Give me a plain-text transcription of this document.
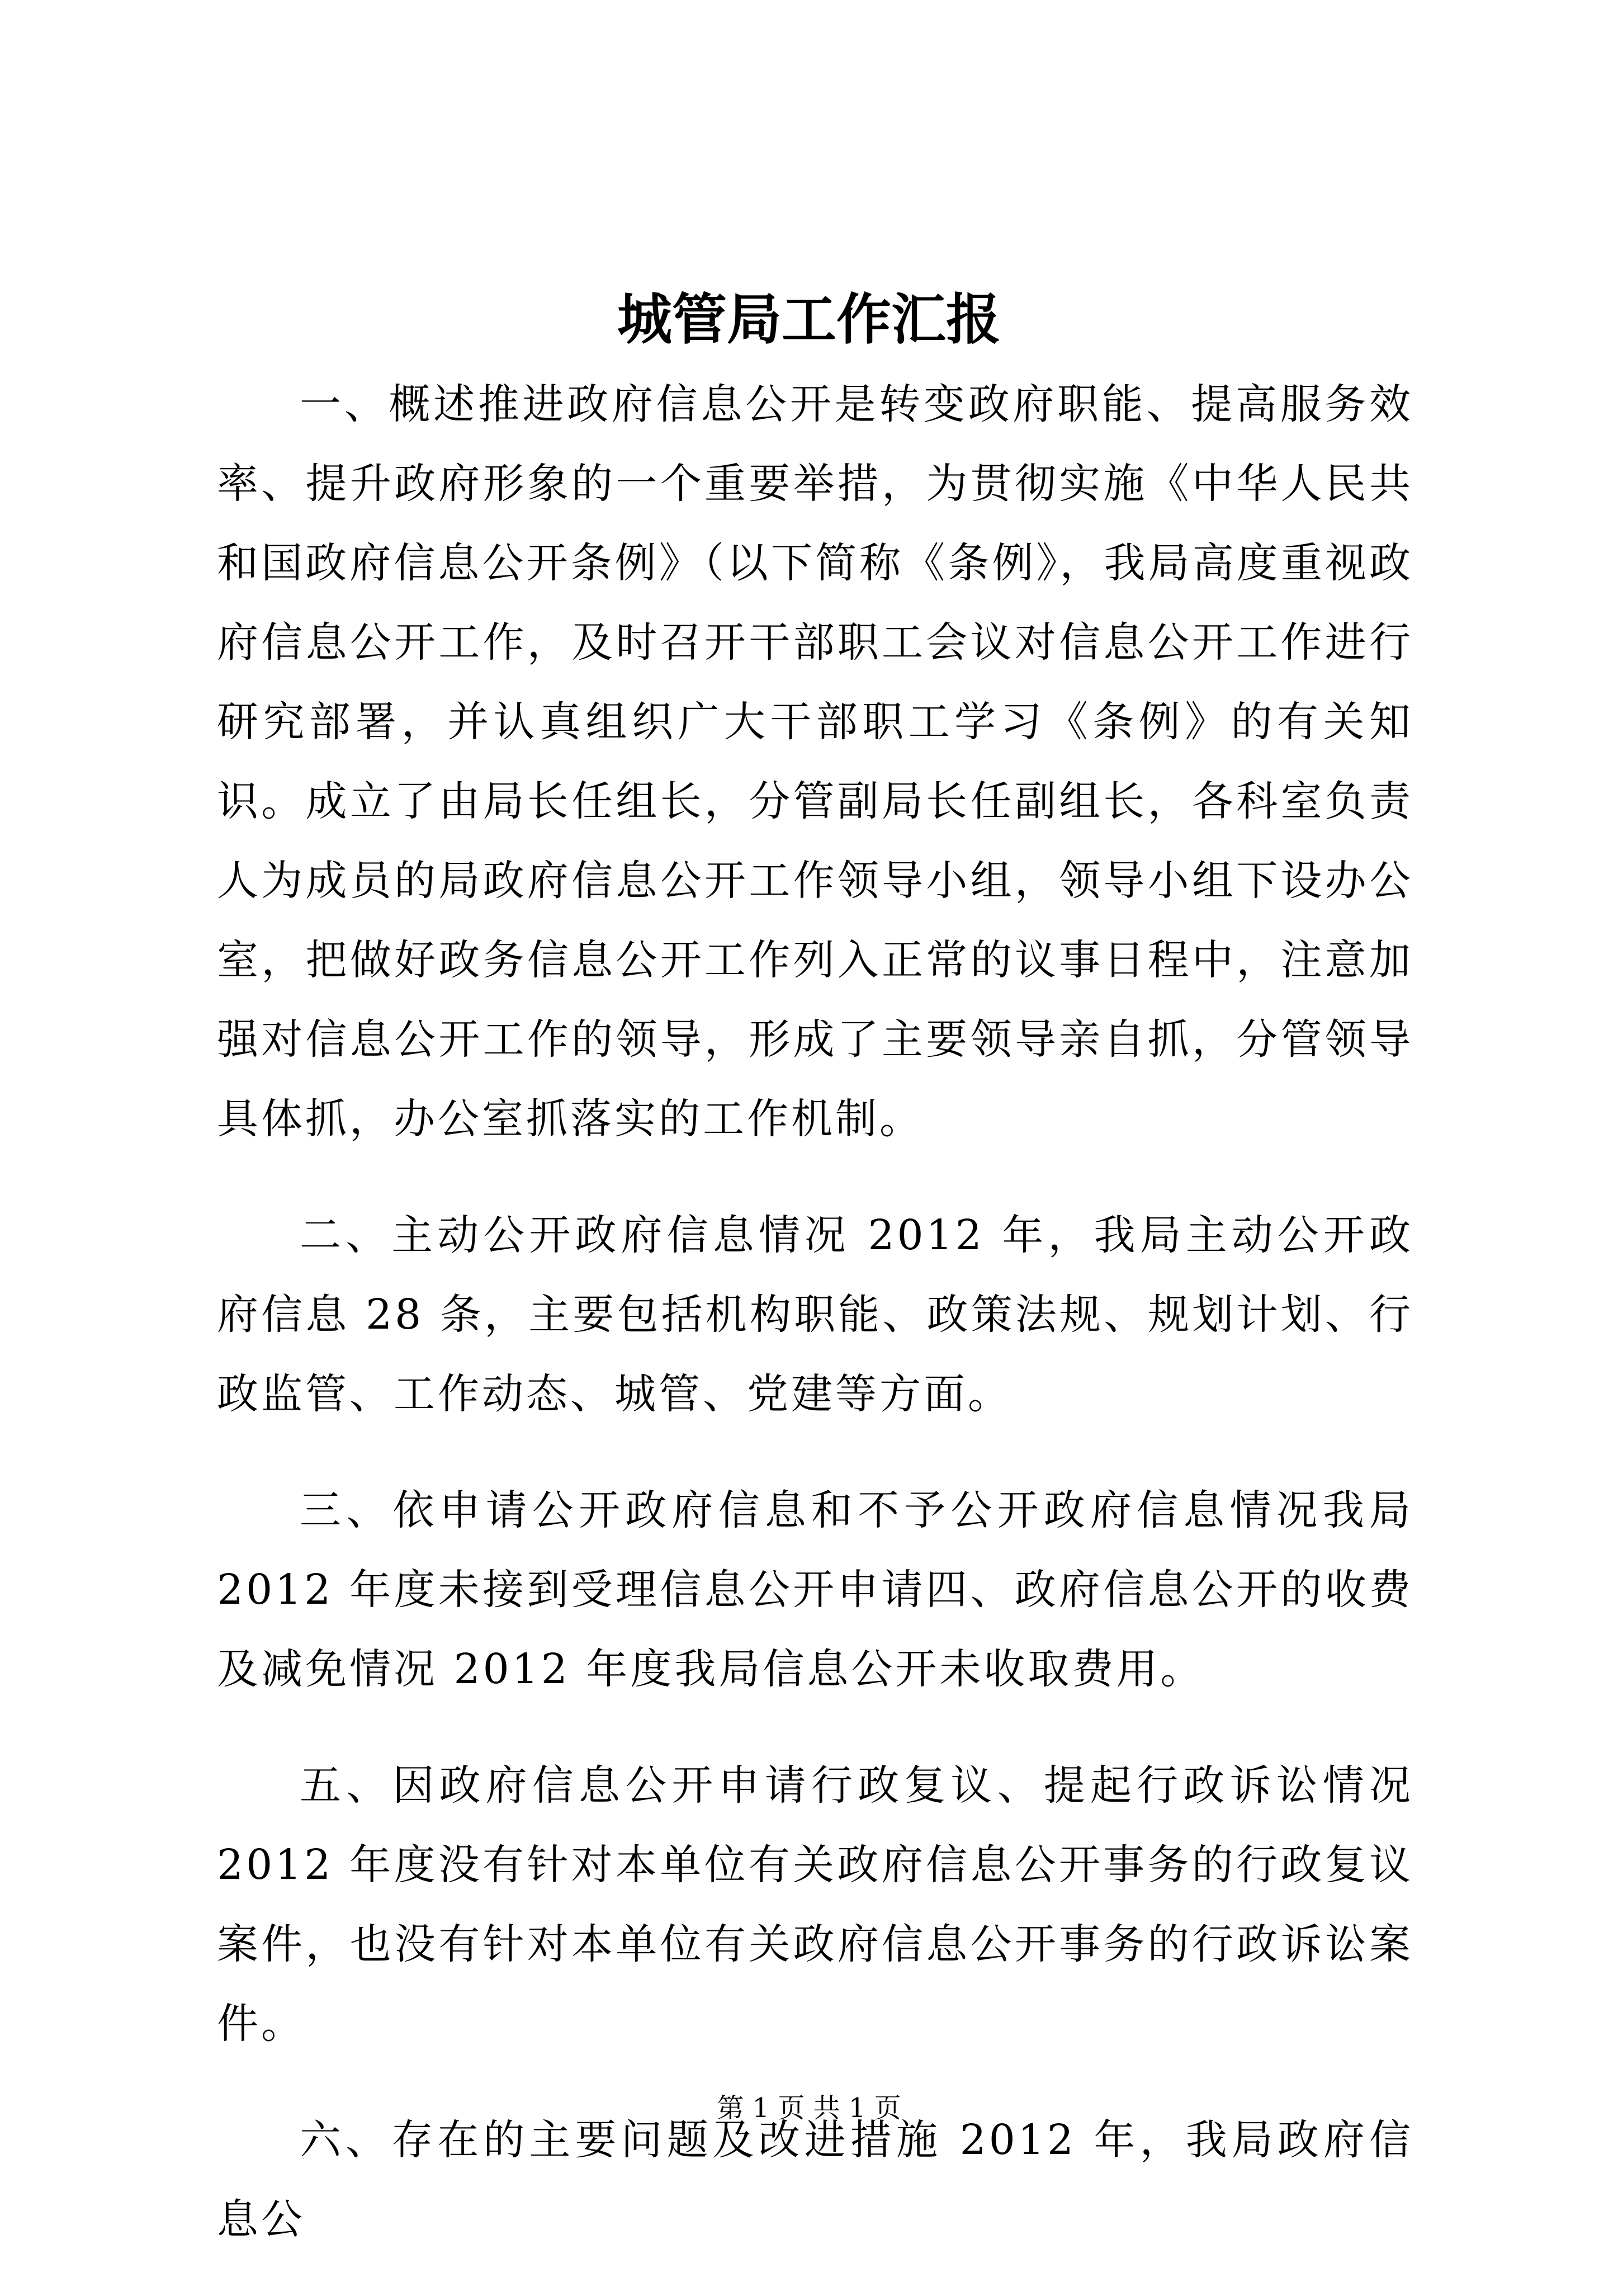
城管局工作汇报

一、概述推进政府信息公开是转变政府职能、提高服务效率、提升政府形象的一个重要举措，为贯彻实施《中华人民共和国政府信息公开条例》（以下简称《条例》，我局高度重视政府信息公开工作，及时召开干部职工会议对信息公开工作进行研究部署，并认真组织广大干部职工学习《条例》的有关知识。成立了由局长任组长，分管副局长任副组长，各科室负责人为成员的局政府信息公开工作领导小组，领导小组下设办公室，把做好政务信息公开工作列入正常的议事日程中，注意加强对信息公开工作的领导，形成了主要领导亲自抓，分管领导具体抓，办公室抓落实的工作机制。

二、主动公开政府信息情况 2012 年，我局主动公开政府信息 28 条，主要包括机构职能、政策法规、规划计划、行政监管、工作动态、城管、党建等方面。

三、依申请公开政府信息和不予公开政府信息情况我局 2012 年度未接到受理信息公开申请四、政府信息公开的收费及减免情况 2012 年度我局信息公开未收取费用。

五、因政府信息公开申请行政复议、提起行政诉讼情况 2012 年度没有针对本单位有关政府信息公开事务的行政复议案件，也没有针对本单位有关政府信息公开事务的行政诉讼案件。

六、存在的主要问题及改进措施 2012 年，我局政府信息公

第 1 页 共 1 页
